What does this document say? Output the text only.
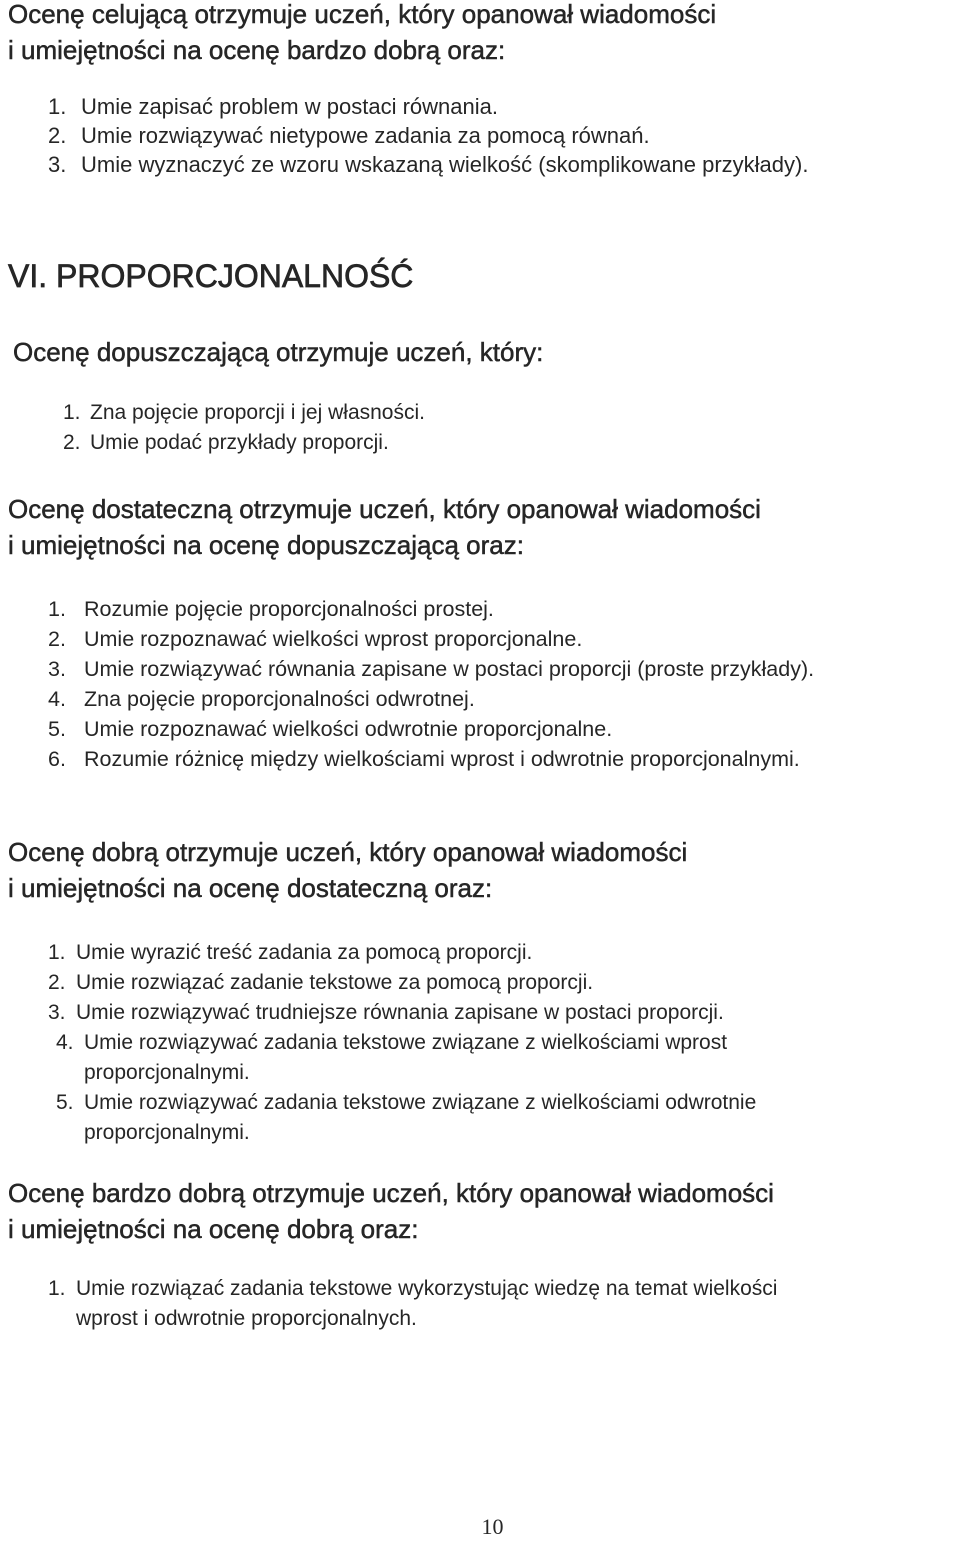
Ocenę celującą otrzymuje uczeń, który opanował wiadomości
i umiejętności na ocenę bardzo dobrą oraz:
1. Umie zapisać problem w postaci równania.
2. Umie rozwiązywać nietypowe zadania za pomocą równań.
3. Umie wyznaczyć ze wzoru wskazaną wielkość (skomplikowane przykłady).
VI. PROPORCJONALNOŚĆ
Ocenę dopuszczającą otrzymuje uczeń, który:
1. Zna pojęcie proporcji i jej własności.
2. Umie podać przykłady proporcji.
Ocenę dostateczną otrzymuje uczeń, który opanował wiadomości
i umiejętności na ocenę dopuszczającą oraz:
1. Rozumie pojęcie proporcjonalności prostej.
2. Umie rozpoznawać wielkości wprost proporcjonalne.
3. Umie rozwiązywać równania zapisane w postaci proporcji (proste przykłady).
4. Zna pojęcie proporcjonalności odwrotnej.
5. Umie rozpoznawać wielkości odwrotnie proporcjonalne.
6. Rozumie różnicę między wielkościami wprost i odwrotnie proporcjonalnymi.
Ocenę dobrą otrzymuje uczeń, który opanował wiadomości
i umiejętności na ocenę dostateczną oraz:
1. Umie wyrazić treść zadania za pomocą proporcji.
2. Umie rozwiązać zadanie tekstowe za pomocą proporcji.
3. Umie rozwiązywać trudniejsze równania zapisane w postaci proporcji.
4. Umie rozwiązywać zadania tekstowe związane z wielkościami wprost
proporcjonalnymi.
5. Umie rozwiązywać zadania tekstowe związane z wielkościami odwrotnie
proporcjonalnymi.
Ocenę bardzo dobrą otrzymuje uczeń, który opanował wiadomości
i umiejętności na ocenę dobrą oraz:
1. Umie rozwiązać zadania tekstowe wykorzystując wiedzę na temat wielkości
wprost i odwrotnie proporcjonalnych.
10
